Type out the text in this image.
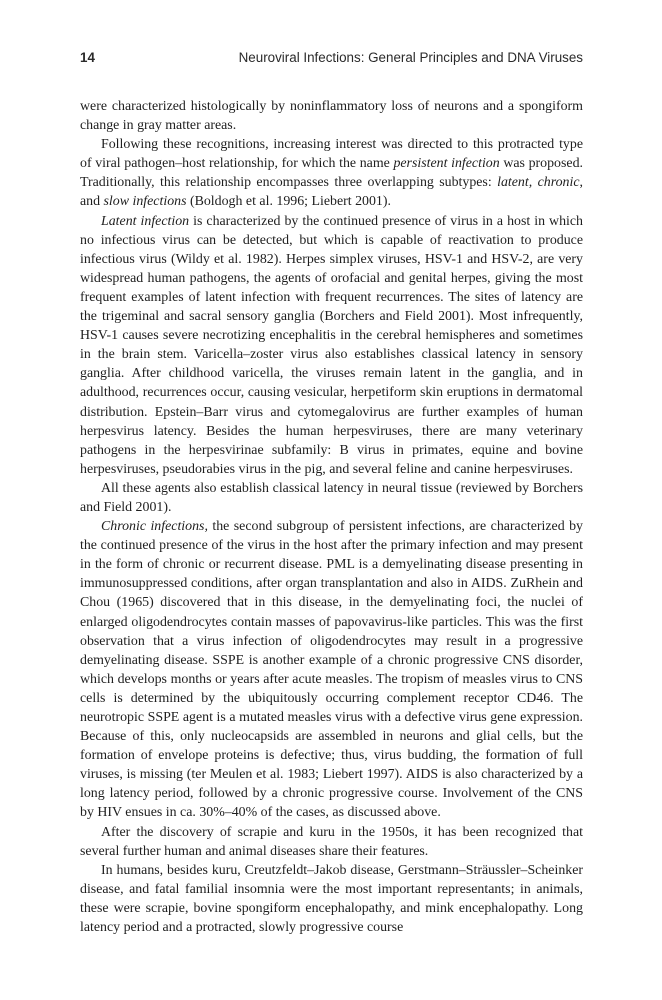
14	Neuroviral Infections: General Principles and DNA Viruses

were characterized histologically by noninflammatory loss of neurons and a spongiform change in gray matter areas.

Following these recognitions, increasing interest was directed to this protracted type of viral pathogen–host relationship, for which the name persistent infection was proposed. Traditionally, this relationship encompasses three overlapping subtypes: latent, chronic, and slow infections (Boldogh et al. 1996; Liebert 2001).

Latent infection is characterized by the continued presence of virus in a host in which no infectious virus can be detected, but which is capable of reactivation to produce infectious virus (Wildy et al. 1982). Herpes simplex viruses, HSV-1 and HSV-2, are very widespread human pathogens, the agents of orofacial and genital herpes, giving the most frequent examples of latent infection with frequent recurrences. The sites of latency are the trigeminal and sacral sensory ganglia (Borchers and Field 2001). Most infrequently, HSV-1 causes severe necrotizing encephalitis in the cerebral hemispheres and sometimes in the brain stem. Varicella–zoster virus also establishes classical latency in sensory ganglia. After childhood varicella, the viruses remain latent in the ganglia, and in adulthood, recurrences occur, causing vesicular, herpetiform skin eruptions in dermatomal distribution. Epstein–Barr virus and cytomegalovirus are further examples of human herpesvirus latency. Besides the human herpesviruses, there are many veterinary pathogens in the herpesvirinae subfamily: B virus in primates, equine and bovine herpesviruses, pseudorabies virus in the pig, and several feline and canine herpesviruses.

All these agents also establish classical latency in neural tissue (reviewed by Borchers and Field 2001).

Chronic infections, the second subgroup of persistent infections, are characterized by the continued presence of the virus in the host after the primary infection and may present in the form of chronic or recurrent disease. PML is a demyelinating disease presenting in immunosuppressed conditions, after organ transplantation and also in AIDS. ZuRhein and Chou (1965) discovered that in this disease, in the demyelinating foci, the nuclei of enlarged oligodendrocytes contain masses of papovavirus-like particles. This was the first observation that a virus infection of oligodendrocytes may result in a progressive demyelinating disease. SSPE is another example of a chronic progressive CNS disorder, which develops months or years after acute measles. The tropism of measles virus to CNS cells is determined by the ubiquitously occurring complement receptor CD46. The neurotropic SSPE agent is a mutated measles virus with a defective virus gene expression. Because of this, only nucleocapsids are assembled in neurons and glial cells, but the formation of envelope proteins is defective; thus, virus budding, the formation of full viruses, is missing (ter Meulen et al. 1983; Liebert 1997). AIDS is also characterized by a long latency period, followed by a chronic progressive course. Involvement of the CNS by HIV ensues in ca. 30%–40% of the cases, as discussed above.

After the discovery of scrapie and kuru in the 1950s, it has been recognized that several further human and animal diseases share their features.

In humans, besides kuru, Creutzfeldt–Jakob disease, Gerstmann–Sträussler–Scheinker disease, and fatal familial insomnia were the most important representants; in animals, these were scrapie, bovine spongiform encephalopathy, and mink encephalopathy. Long latency period and a protracted, slowly progressive course
